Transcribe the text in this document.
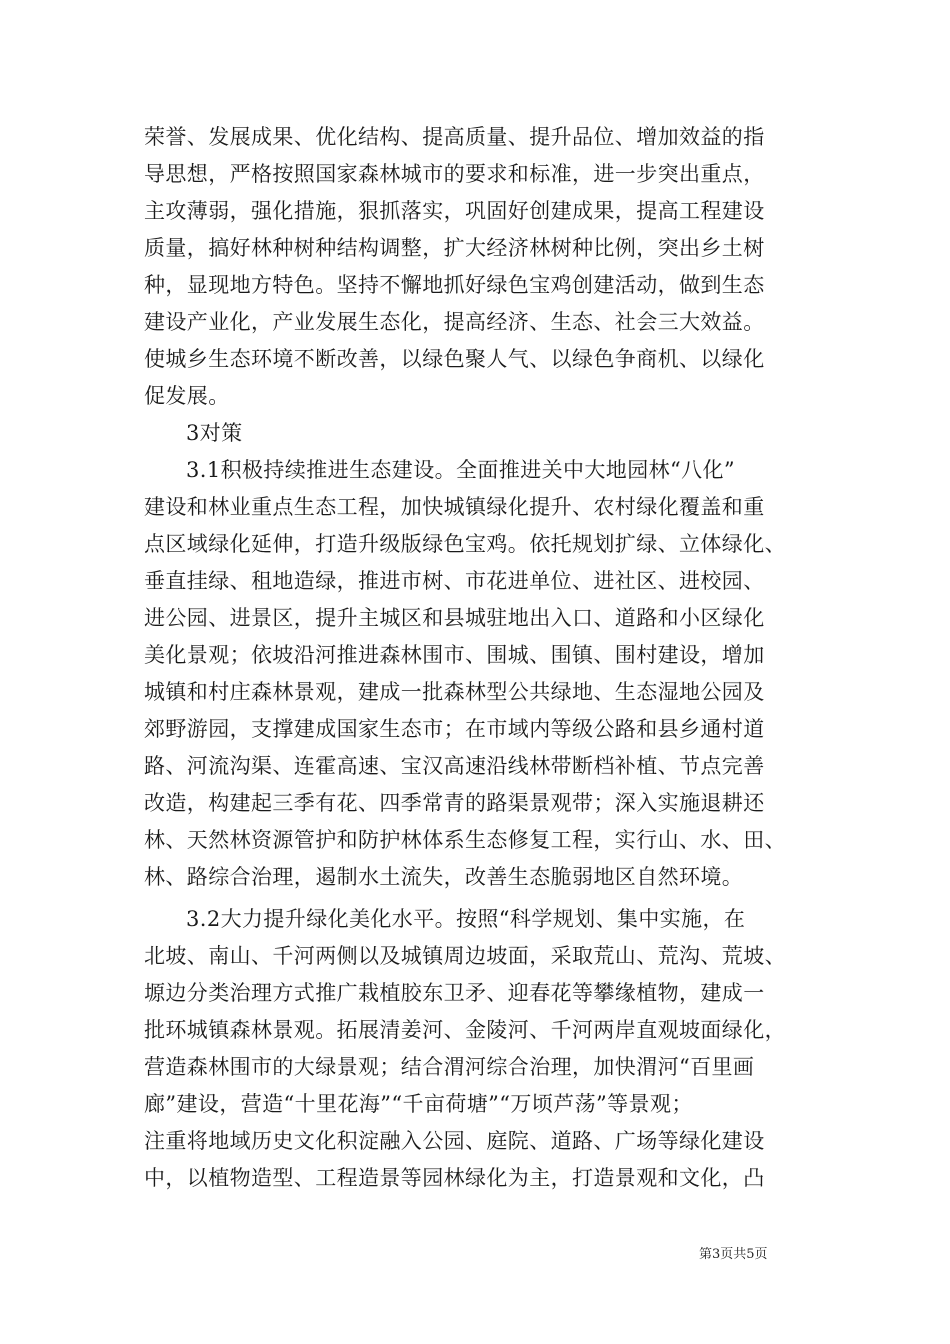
荣誉、发展成果、优化结构、提高质量、提升品位、增加效益的指
导思想，严格按照国家森林城市的要求和标准，进一步突出重点，
主攻薄弱，强化措施，狠抓落实，巩固好创建成果，提高工程建设
质量，搞好林种树种结构调整，扩大经济林树种比例，突出乡土树
种，显现地方特色。坚持不懈地抓好绿色宝鸡创建活动，做到生态
建设产业化，产业发展生态化，提高经济、生态、社会三大效益。
使城乡生态环境不断改善，以绿色聚人气、以绿色争商机、以绿化
促发展。
3对策
3.1积极持续推进生态建设。全面推进关中大地园林“八化”
建设和林业重点生态工程，加快城镇绿化提升、农村绿化覆盖和重
点区域绿化延伸，打造升级版绿色宝鸡。依托规划扩绿、立体绿化、
垂直挂绿、租地造绿，推进市树、市花进单位、进社区、进校园、
进公园、进景区，提升主城区和县城驻地出入口、道路和小区绿化
美化景观；依坡沿河推进森林围市、围城、围镇、围村建设，增加
城镇和村庄森林景观，建成一批森林型公共绿地、生态湿地公园及
郊野游园，支撑建成国家生态市；在市域内等级公路和县乡通村道
路、河流沟渠、连霍高速、宝汉高速沿线林带断档补植、节点完善
改造，构建起三季有花、四季常青的路渠景观带；深入实施退耕还
林、天然林资源管护和防护林体系生态修复工程，实行山、水、田、
林、路综合治理，遏制水土流失，改善生态脆弱地区自然环境。
3.2大力提升绿化美化水平。按照“科学规划、集中实施，在
北坡、南山、千河两侧以及城镇周边坡面，采取荒山、荒沟、荒坡、
塬边分类治理方式推广栽植胶东卫矛、迎春花等攀缘植物，建成一
批环城镇森林景观。拓展清姜河、金陵河、千河两岸直观坡面绿化，
营造森林围市的大绿景观；结合渭河综合治理，加快渭河“百里画
廊”建设，营造“十里花海”“千亩荷塘”“万顷芦荡”等景观；
注重将地域历史文化积淀融入公园、庭院、道路、广场等绿化建设
中，以植物造型、工程造景等园林绿化为主，打造景观和文化，凸
第3页共5页
